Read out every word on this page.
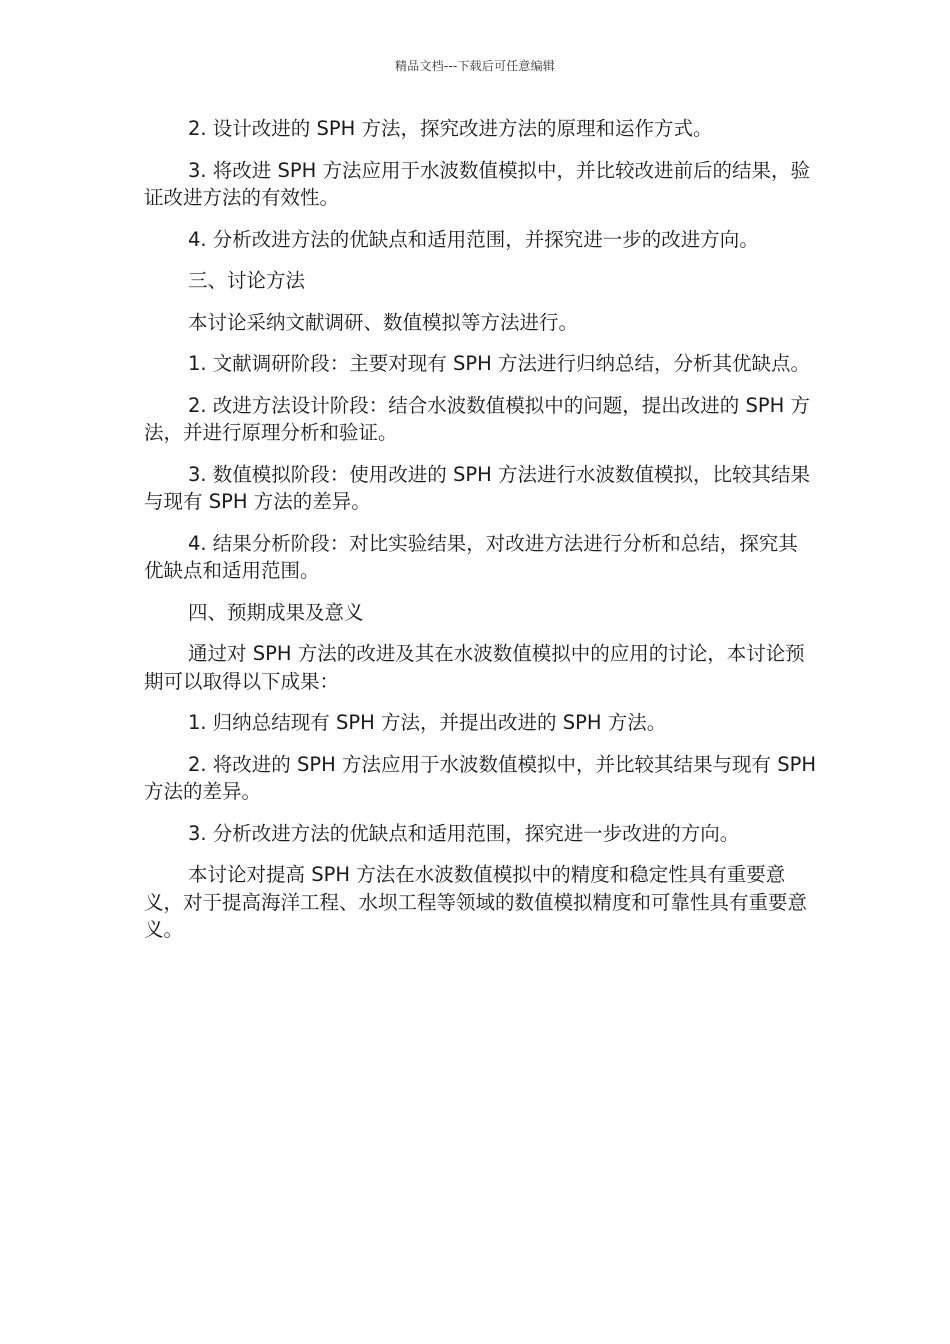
精品文档---下载后可任意编辑

2. 设计改进的 SPH 方法，探究改进方法的原理和运作方式。

3. 将改进 SPH 方法应用于水波数值模拟中，并比较改进前后的结果，验证改进方法的有效性。

4. 分析改进方法的优缺点和适用范围，并探究进一步的改进方向。

三、讨论方法

本讨论采纳文献调研、数值模拟等方法进行。

1. 文献调研阶段：主要对现有 SPH 方法进行归纳总结，分析其优缺点。

2. 改进方法设计阶段：结合水波数值模拟中的问题，提出改进的 SPH 方法，并进行原理分析和验证。

3. 数值模拟阶段：使用改进的 SPH 方法进行水波数值模拟，比较其结果与现有 SPH 方法的差异。

4. 结果分析阶段：对比实验结果，对改进方法进行分析和总结，探究其优缺点和适用范围。

四、预期成果及意义

通过对 SPH 方法的改进及其在水波数值模拟中的应用的讨论，本讨论预期可以取得以下成果：

1. 归纳总结现有 SPH 方法，并提出改进的 SPH 方法。

2. 将改进的 SPH 方法应用于水波数值模拟中，并比较其结果与现有 SPH 方法的差异。

3. 分析改进方法的优缺点和适用范围，探究进一步改进的方向。

本讨论对提高 SPH 方法在水波数值模拟中的精度和稳定性具有重要意义，对于提高海洋工程、水坝工程等领域的数值模拟精度和可靠性具有重要意义。
